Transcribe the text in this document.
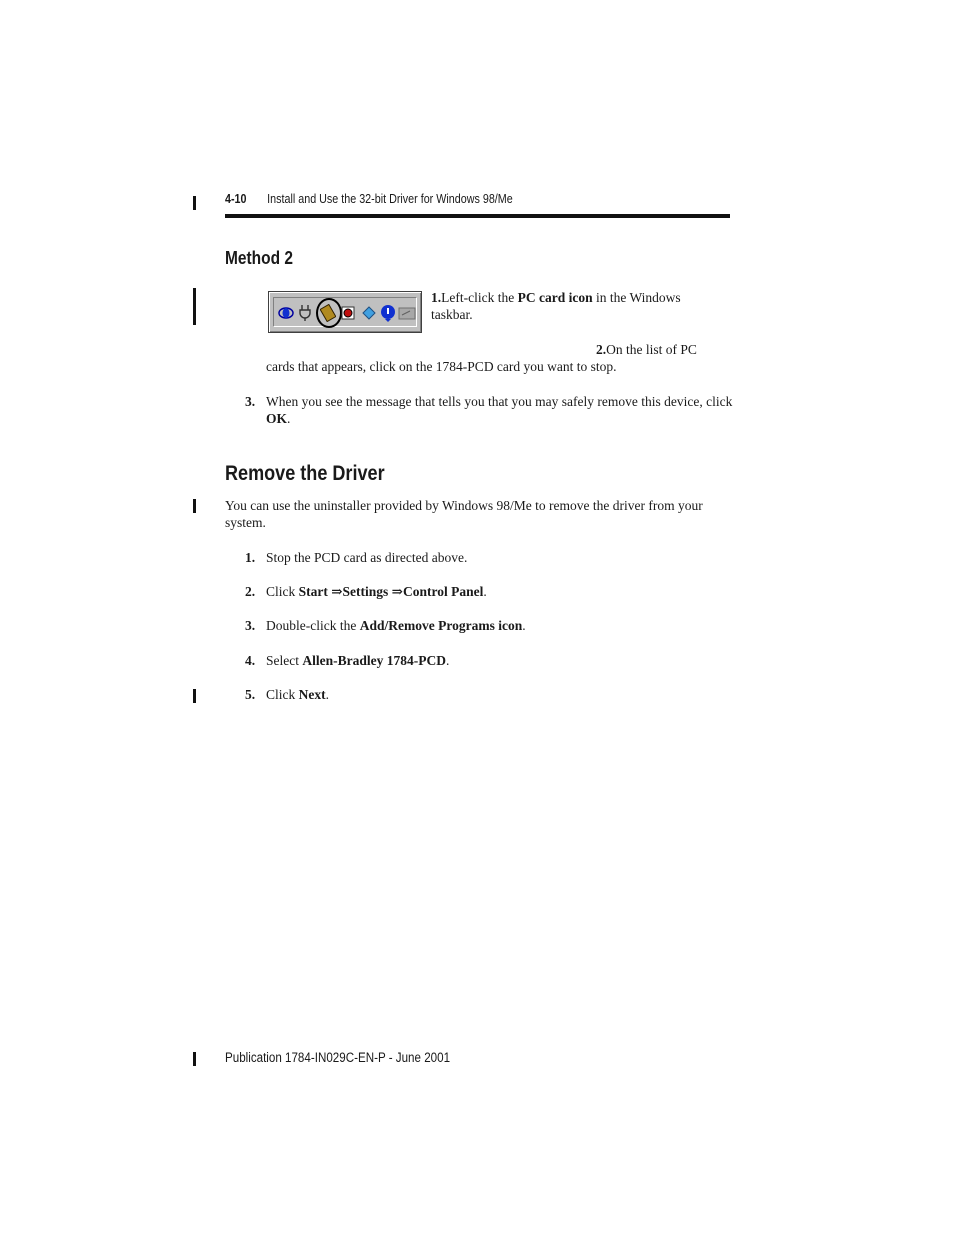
4-10 Install and Use the 32-bit Driver for Windows 98/Me
Method 2
1.Left-click the PC card icon in the Windows taskbar.
2.On the list of PC cards that appears, click on the 1784-PCD card you want to stop.
3. When you see the message that tells you that you may safely remove this device, click OK.
Remove the Driver
You can use the uninstaller provided by Windows 98/Me to remove the driver from your system.
1. Stop the PCD card as directed above.
2. Click Start ⇒Settings ⇒Control Panel.
3. Double-click the Add/Remove Programs icon.
4. Select Allen-Bradley 1784-PCD.
5. Click Next.
Publication 1784-IN029C-EN-P - June 2001
